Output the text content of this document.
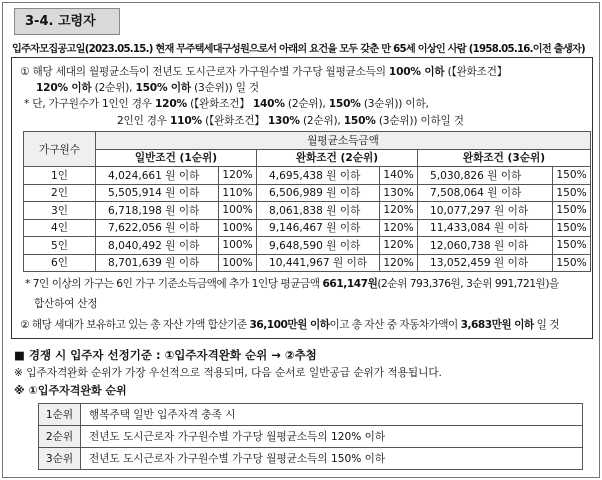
3-4. 고령자
입주자모집공고일(2023.05.15.) 현재 무주택세대구성원으로서 아래의 요건을 모두 갖춘 만 65세 이상인 사람 (1958.05.16.이전 출생자)
① 해당 세대의 월평균소득이 전년도 도시근로자 가구원수별 가구당 월평균소득의 100% 이하 (【완화조건】
120% 이하 (2순위), 150% 이하 (3순위)) 일 것
* 단, 가구원수가 1인인 경우 120% (【완화조건】 140% (2순위), 150% (3순위)) 이하,
2인인 경우 110% (【완화조건】 130% (2순위), 150% (3순위)) 이하일 것
가구원수	월평균소득금액					
	일반조건 (1순위)		완화조건 (2순위)		완화조건 (3순위)	
1인	4,024,661 원 이하	120%	4,695,438 원 이하	140%	5,030,826 원 이하	150%
2인	5,505,914 원 이하	110%	6,506,989 원 이하	130%	7,508,064 원 이하	150%
3인	6,718,198 원 이하	100%	8,061,838 원 이하	120%	10,077,297 원 이하	150%
4인	7,622,056 원 이하	100%	9,146,467 원 이하	120%	11,433,084 원 이하	150%
5인	8,040,492 원 이하	100%	9,648,590 원 이하	120%	12,060,738 원 이하	150%
6인	8,701,639 원 이하	100%	10,441,967 원 이하	120%	13,052,459 원 이하	150%
* 7인 이상의 가구는 6인 가구 기준소득금액에 추가 1인당 평균금액 661,147원(2순위 793,376원, 3순위 991,721원)을
합산하여 산정
② 해당 세대가 보유하고 있는 총 자산 가액 합산기준 36,100만원 이하이고 총 자산 중 자동차가액이 3,683만원 이하 일 것
■ 경쟁 시 입주자 선정기준 : ①입주자격완화 순위 → ②추첨
※ 입주자격완화 순위가 가장 우선적으로 적용되며, 다음 순서로 일반공급 순위가 적용됩니다.
※ ①입주자격완화 순위
1순위	행복주택 일반 입주자격 충족 시
2순위	전년도 도시근로자 가구원수별 가구당 월평균소득의 120% 이하
3순위	전년도 도시근로자 가구원수별 가구당 월평균소득의 150% 이하
